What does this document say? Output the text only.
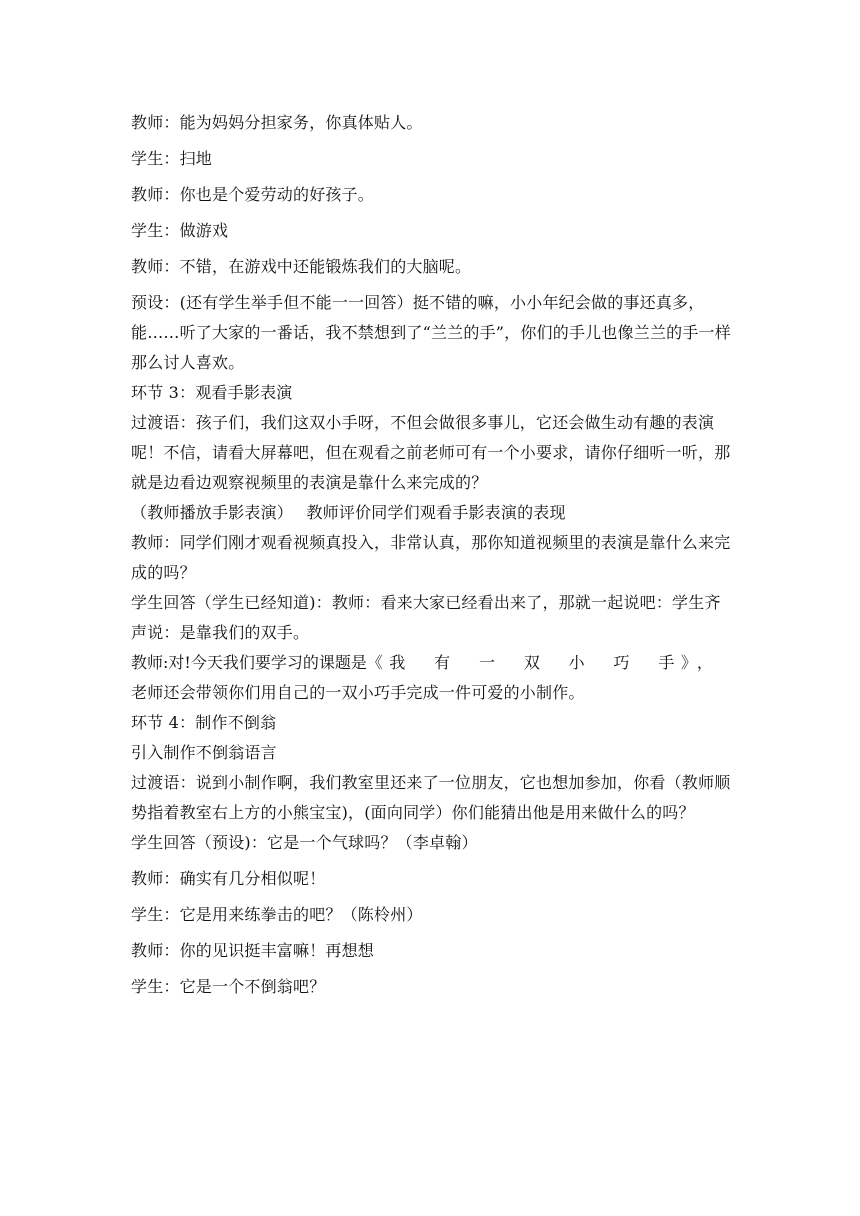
教师：能为妈妈分担家务，你真体贴人。

学生：扫地

教师：你也是个爱劳动的好孩子。

学生：做游戏

教师：不错，在游戏中还能锻炼我们的大脑呢。

预设：(还有学生举手但不能一一回答）挺不错的嘛，小小年纪会做的事还真多，能……听了大家的一番话，我不禁想到了“兰兰的手”，你们的手儿也像兰兰的手一样那么讨人喜欢。

环节 3：观看手影表演

过渡语：孩子们，我们这双小手呀，不但会做很多事儿，它还会做生动有趣的表演呢！不信，请看大屏幕吧，但在观看之前老师可有一个小要求，请你仔细听一听，那就是边看边观察视频里的表演是靠什么来完成的？

（教师播放手影表演）　 教师评价同学们观看手影表演的表现

教师：同学们刚才观看视频真投入，非常认真，那你知道视频里的表演是靠什么来完成的吗？

学生回答（学生已经知道)：教师：看来大家已经看出来了，那就一起说吧：学生齐声说：是靠我们的双手。

教师:对!今天我们要学习的课题是《我　有　一　双　小　巧　手》，

老师还会带领你们用自己的一双小巧手完成一件可爱的小制作。

环节 4：制作不倒翁

引入制作不倒翁语言

过渡语：说到小制作啊，我们教室里还来了一位朋友，它也想加参加，你看（教师顺势指着教室右上方的小熊宝宝)，(面向同学）你们能猜出他是用来做什么的吗？

学生回答（预设)：它是一个气球吗？（李卓翰）

教师：确实有几分相似呢！

学生：它是用来练拳击的吧？（陈柃州）

教师：你的见识挺丰富嘛！再想想

学生：它是一个不倒翁吧？
